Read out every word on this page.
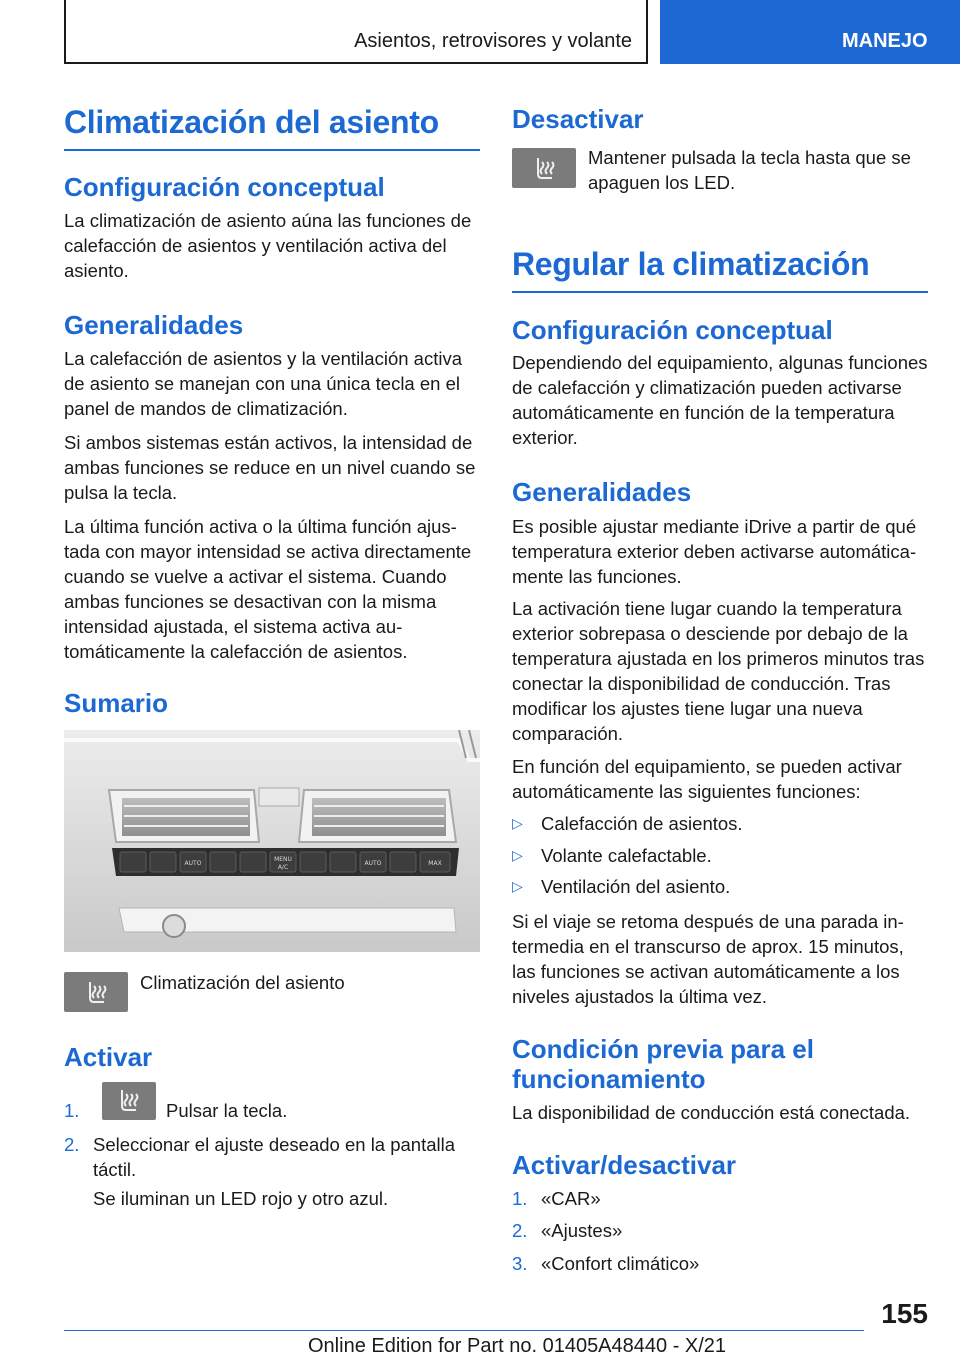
Asientos, retrovisores y volante	MANEJO
Climatización del asiento
Configuración conceptual
La climatización de asiento aúna las funciones de calefacción de asientos y ventilación activa del asiento.
Generalidades
La calefacción de asientos y la ventilación activa de asiento se manejan con una única tecla en el panel de mandos de climatización.
Si ambos sistemas están activos, la intensidad de ambas funciones se reduce en un nivel cuando se pulsa la tecla.
La última función activa o la última función ajustada con mayor intensidad se activa directamente cuando se vuelve a activar el sistema. Cuando ambas funciones se desactivan con la misma intensidad ajustada, el sistema activa automáticamente la calefacción de asientos.
Sumario
AUTO
MENU
A/C
AUTO	MAX
Climatización del asiento
Activar
1.	Pulsar la tecla.
2. Seleccionar el ajuste deseado en la pantalla táctil.
Se iluminan un LED rojo y otro azul.
Desactivar
Mantener pulsada la tecla hasta que se apaguen los LED.
Regular la climatización
Configuración conceptual
Dependiendo del equipamiento, algunas funciones de calefacción y climatización pueden activarse automáticamente en función de la temperatura exterior.
Generalidades
Es posible ajustar mediante iDrive a partir de qué temperatura exterior deben activarse automáticamente las funciones.
La activación tiene lugar cuando la temperatura exterior sobrepasa o desciende por debajo de la temperatura ajustada en los primeros minutos tras conectar la disponibilidad de conducción. Tras modificar los ajustes tiene lugar una nueva comparación.
En función del equipamiento, se pueden activar automáticamente las siguientes funciones:
▷ Calefacción de asientos.
▷ Volante calefactable.
▷ Ventilación del asiento.
Si el viaje se retoma después de una parada intermedia en el transcurso de aprox. 15 minutos, las funciones se activan automáticamente a los niveles ajustados la última vez.
Condición previa para el funcionamiento
La disponibilidad de conducción está conectada.
Activar/desactivar
1. «CAR»
2. «Ajustes»
3. «Confort climático»
155
Online Edition for Part no. 01405A48440 - X/21
